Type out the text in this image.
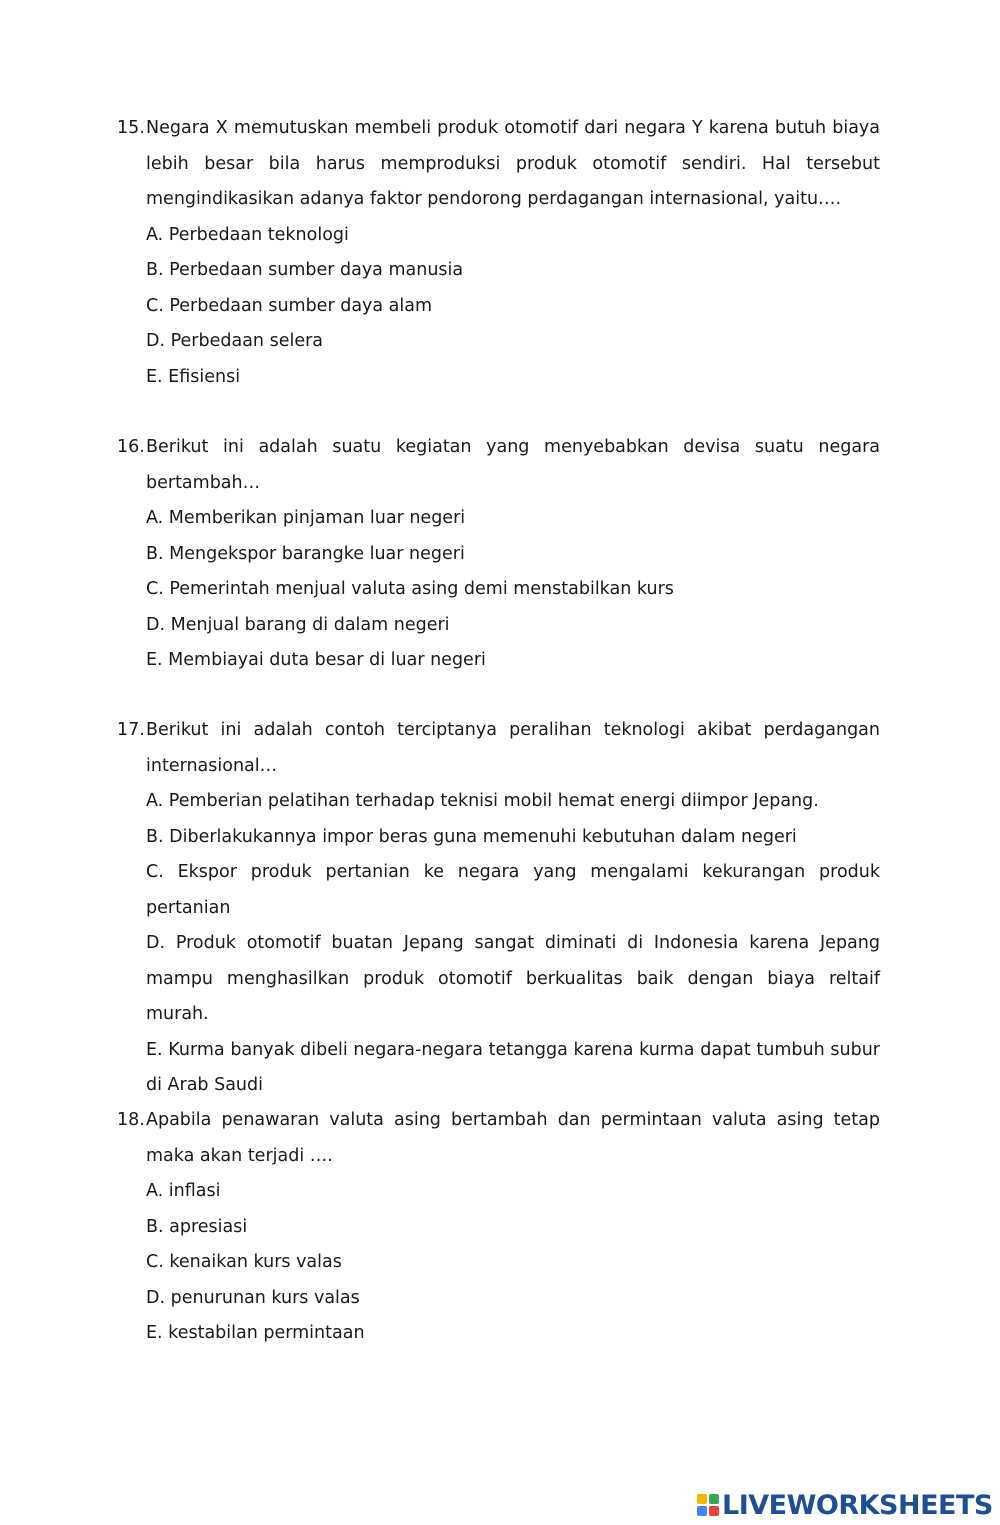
15. Negara X memutuskan membeli produk otomotif dari negara Y karena butuh biaya lebih besar bila harus memproduksi produk otomotif sendiri. Hal tersebut mengindikasikan adanya faktor pendorong perdagangan internasional, yaitu….
A. Perbedaan teknologi
B. Perbedaan sumber daya manusia
C. Perbedaan sumber daya alam
D. Perbedaan selera
E. Efisiensi
16. Berikut ini adalah suatu kegiatan yang menyebabkan devisa suatu negara bertambah…
A. Memberikan pinjaman luar negeri
B. Mengekspor barangke luar negeri
C. Pemerintah menjual valuta asing demi menstabilkan kurs
D. Menjual barang di dalam negeri
E. Membiayai duta besar di luar negeri
17. Berikut ini adalah contoh terciptanya peralihan teknologi akibat perdagangan internasional…
A. Pemberian pelatihan terhadap teknisi mobil hemat energi diimpor Jepang.
B. Diberlakukannya impor beras guna memenuhi kebutuhan dalam negeri
C. Ekspor produk pertanian ke negara yang mengalami kekurangan produk pertanian
D. Produk otomotif buatan Jepang sangat diminati di Indonesia karena Jepang mampu menghasilkan produk otomotif berkualitas baik dengan biaya reltaif murah.
E. Kurma banyak dibeli negara-negara tetangga karena kurma dapat tumbuh subur di Arab Saudi
18. Apabila penawaran valuta asing bertambah dan permintaan valuta asing tetap maka akan terjadi ….
A. inflasi
B. apresiasi
C. kenaikan kurs valas
D. penurunan kurs valas
E. kestabilan permintaan
LIVEWORKSHEETS
